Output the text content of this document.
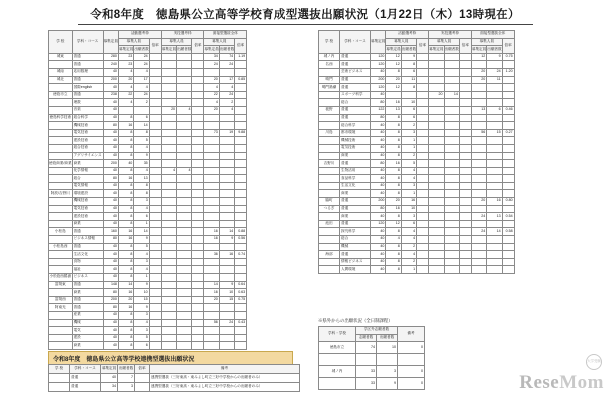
令和8年度　徳島県公立高等学校育成型選抜出願状況（1月22日（木）13時現在）
学 校	学科・コース	募集定員	活動選考枠			実技選考枠			面接型選抜全体		
			募集人員		倍率	募集人員		倍率	募集人員		倍率
			募集定員	出願者数		募集定員	出願者数		募集定員	出願者数	
城東	普通	280	23	24					34	74	1.19
	普通	240	23	24					24	24	
城南	応用数理	40	4	4							
城北	普通	200	20	17					20	17	0.85
	国際english	40	4	4					4	4	
徳島市立	普通	238	22	24					22	24	
	理数	40	4	2					4	2	
	音楽	40				20	4		20	4	
徳島科学技術	総合科学	40	8	6							
	機械技術	80	16	14							
	電気技術	40	8	8					73	19	9.88
	建設技術	40	8	5							
	総合技術	40	8	4							
	アグリサイエンス	40	8	9							
徳島商業/商業	商業	200	40	35							
	化学情報	40	8	4		4	4				
	総合	80	16	13							
	電気情報	40	8	8							
阿波/吉野川	環境建設	40	8	8							
	機械技術	40	8	3							
	電気技術	40	8	4							
	建設技術	40	8	6							
	商業	40	8	1							
小松島	普通	160	16	14					16	14	0.88
	ビジネス情報	80	16	9					16	9	0.56
小松島西	普通	40	8	5							
	生活文化	40	8	4					36	16	0.74
	食物	40	8	3							
	福祉	40	8	4							
小松島西勝浦	ビジネス	40	8	1							
富岡東	普通	148	14	9					14	9	0.64
	商業	80	16	10					16	10	0.63
富岡西	普通	200	20	15					20	15	0.75
阿南光	普通	80	16	9							
	産業	40	8	3							
	機械	40	8	4					56	24	0.43
	電気	40	8	3							
	建設	40	8	5							
	商業	40	8	6							
学 校	学科・コース	募集定員	活動選考枠			実技選考枠			面接型選抜全体		
			募集人員		倍率	募集人員		倍率	募集人員		倍率
			募集定員	出願者数		募集定員	出願者数		募集定員	出願者数	
城ノ内	普通	120	12	9					12	9	0.75
名西	普通	120	12	8							
	芸術ビジネス	40	8	6					20	24	1.20
鳴門	普通	200	20	11					20	11	
鳴門渦潮	普通	120	12	8							
	スポーツ科学	40				20	14				
	総合	80	16	10							
板野	普通	122	13	6					13	6	0.46
	普通	80	8	6							
	総合科学	40	8	2							
川島	都市環境	40	8	3					56	15	0.27
	機械技術	40	8	1							
	電気技術	40	8	1							
	商業	40	8	2							
吉野川	普通	80	16	5							
	生物活用	40	8	4							
	食品科学	40	8	4							
	生活文化	40	8	3							
	商業	40	8	1							
脇町	普通	200	20	16					20	16	0.80
つるぎ	普通	80	16	10							
	商業	40	8	3					24	13	0.54
池田	普通	120	12	6							
	探究科学	40	8	4					24	14	0.58
	総合	40	4	4							
	機械	40	8	2							
海部	普通	40	8	4							
	情報ビジネス	40	8	2							
	人間環境	40	8	1							
令和8年度　徳島県公立高等学校連携型選抜出願状況
学 校	学科・コース	募集定員	出願者数	倍率	備考
	普通	40	7		連携型選抜（三好東高・東みよし町立三好中学校からの出願者のみ）
	普通	34	3		連携型選抜（三好東高・東みよし町立三好中学校からの出願者のみ）
※県外からの出願状況（全日制課程）
学科・学校	学区外志願者数		備考
	志願者数	出願者数	
徳島市立	74	10	0

城ノ内	33	3	0
	33	9	0	ReseMom
大学受験
